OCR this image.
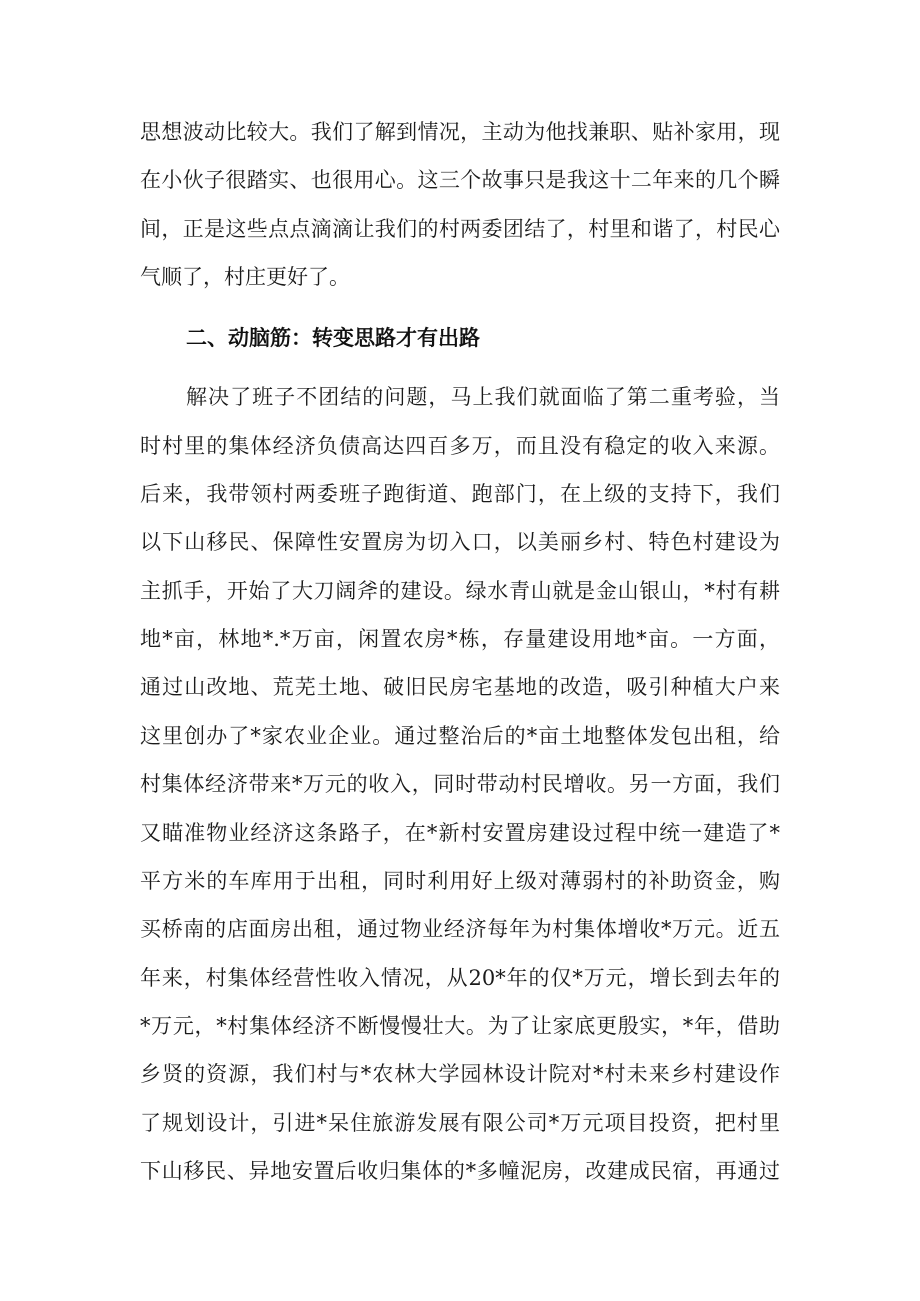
思想波动比较大。我们了解到情况，主动为他找兼职、贴补家用，现
在小伙子很踏实、也很用心。这三个故事只是我这十二年来的几个瞬
间，正是这些点点滴滴让我们的村两委团结了，村里和谐了，村民心
气顺了，村庄更好了。
二、动脑筋：转变思路才有出路
解决了班子不团结的问题，马上我们就面临了第二重考验，当
时村里的集体经济负债高达四百多万，而且没有稳定的收入来源。
后来，我带领村两委班子跑街道、跑部门，在上级的支持下，我们
以下山移民、保障性安置房为切入口，以美丽乡村、特色村建设为
主抓手，开始了大刀阔斧的建设。绿水青山就是金山银山，*村有耕
地*亩，林地*.*万亩，闲置农房*栋，存量建设用地*亩。一方面，
通过山改地、荒芜土地、破旧民房宅基地的改造，吸引种植大户来
这里创办了*家农业企业。通过整治后的*亩土地整体发包出租，给
村集体经济带来*万元的收入，同时带动村民增收。另一方面，我们
又瞄准物业经济这条路子，在*新村安置房建设过程中统一建造了*
平方米的车库用于出租，同时利用好上级对薄弱村的补助资金，购
买桥南的店面房出租，通过物业经济每年为村集体增收*万元。近五
年来，村集体经营性收入情况，从20*年的仅*万元，增长到去年的
*万元，*村集体经济不断慢慢壮大。为了让家底更殷实，*年，借助
乡贤的资源，我们村与*农林大学园林设计院对*村未来乡村建设作
了规划设计，引进*呆住旅游发展有限公司*万元项目投资，把村里
下山移民、异地安置后收归集体的*多幢泥房，改建成民宿，再通过
